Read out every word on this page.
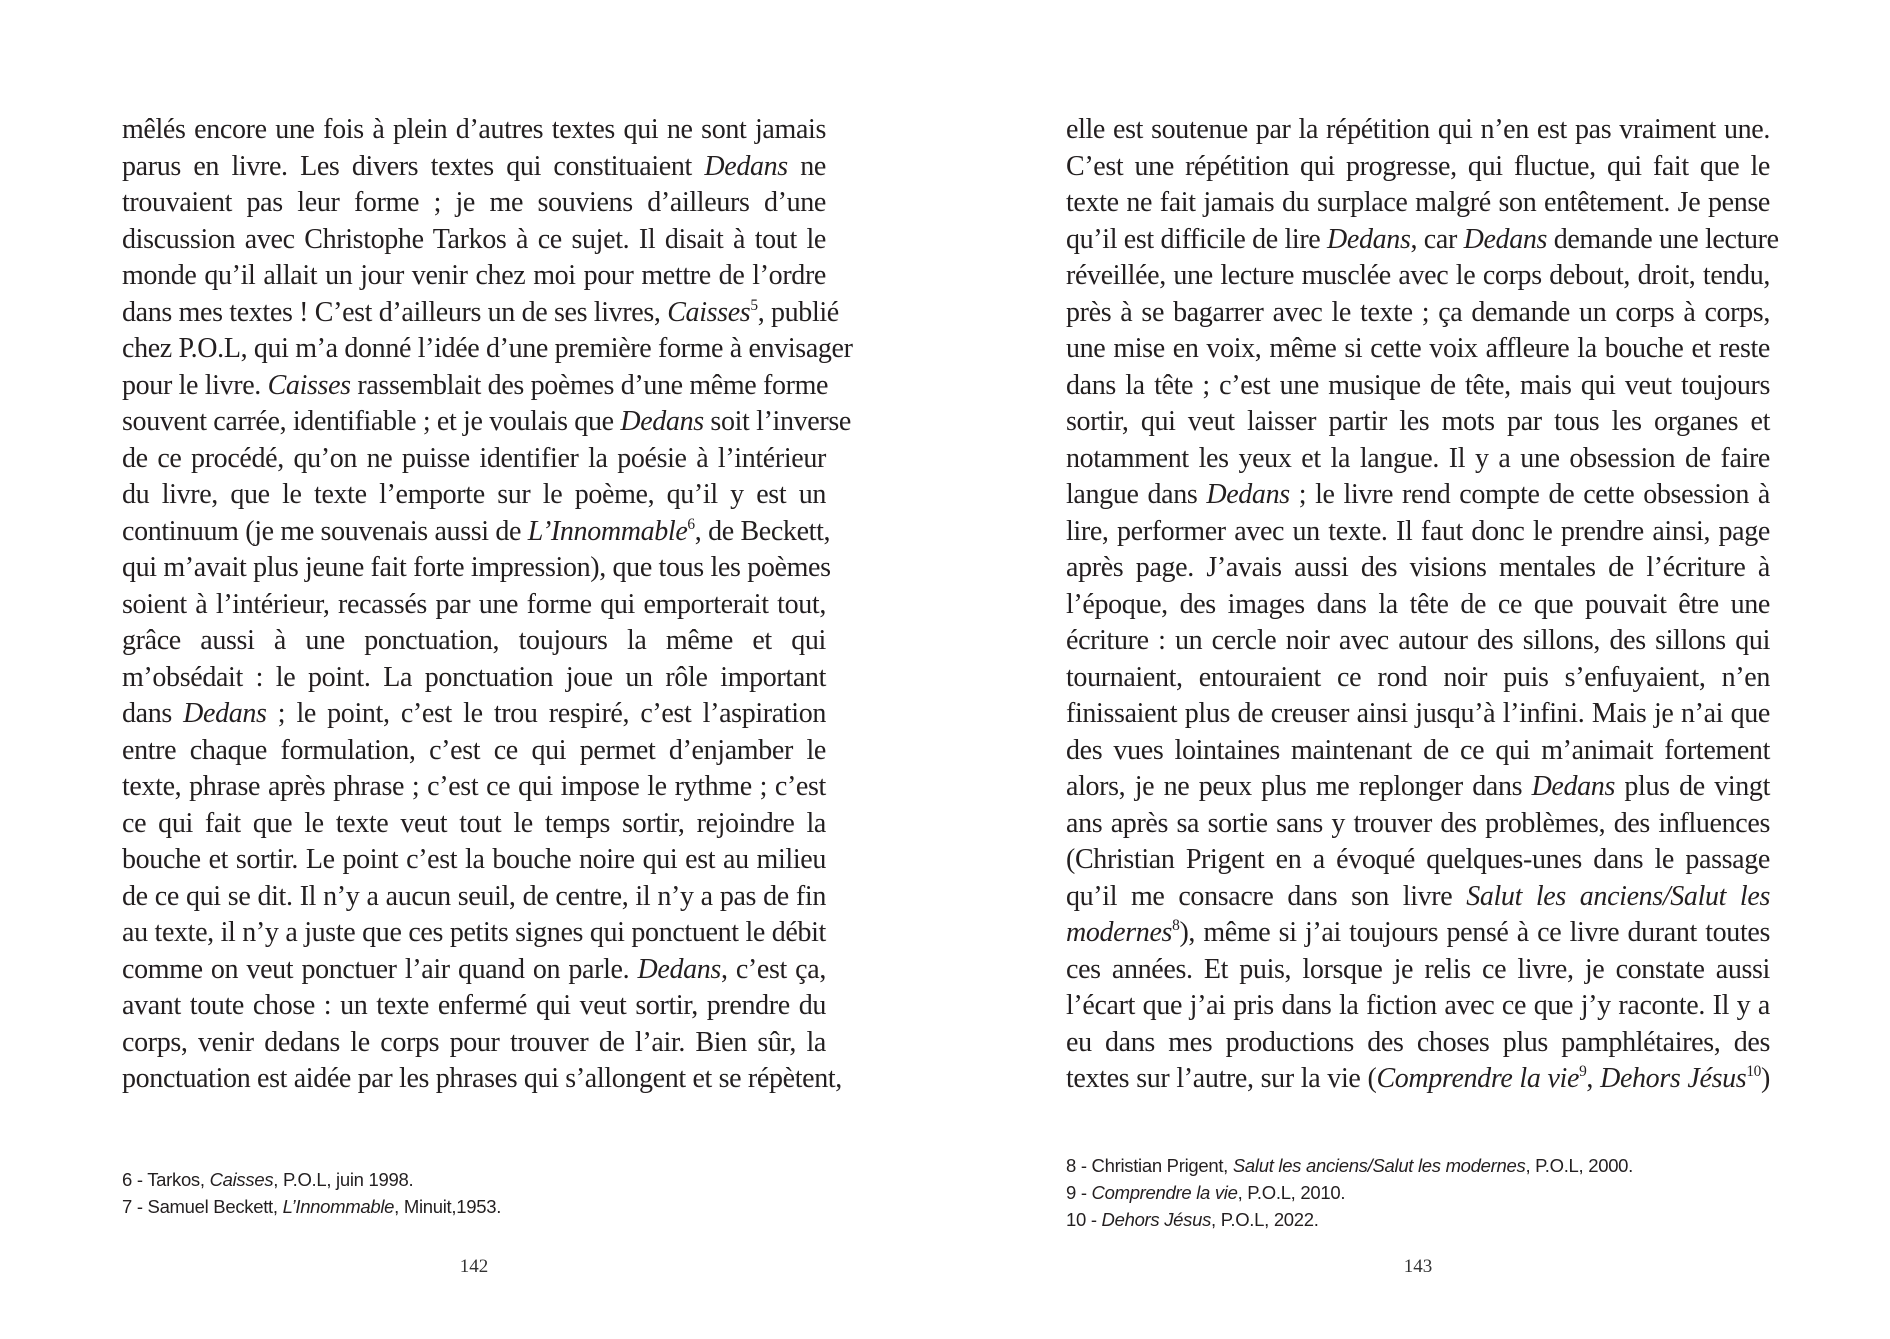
mêlés encore une fois à plein d’autres textes qui ne sont jamais
parus en livre. Les divers textes qui constituaient Dedans ne
trouvaient pas leur forme ; je me souviens d’ailleurs d’une
discussion avec Christophe Tarkos à ce sujet. Il disait à tout le
monde qu’il allait un jour venir chez moi pour mettre de l’ordre
dans mes textes ! C’est d’ailleurs un de ses livres, Caisses$^5$, publié
chez P.O.L, qui m’a donné l’idée d’une première forme à envisager
pour le livre. Caisses rassemblait des poèmes d’une même forme
souvent carrée, identifiable ; et je voulais que Dedans soit l’inverse
de ce procédé, qu’on ne puisse identifier la poésie à l’intérieur
du livre, que le texte l’emporte sur le poème, qu’il y est un
continuum (je me souvenais aussi de L’Innommable$^6$, de Beckett,
qui m’avait plus jeune fait forte impression), que tous les poèmes
soient à l’intérieur, recassés par une forme qui emporterait tout,
grâce aussi à une ponctuation, toujours la même et qui
m’obsédait : le point. La ponctuation joue un rôle important
dans Dedans ; le point, c’est le trou respiré, c’est l’aspiration
entre chaque formulation, c’est ce qui permet d’enjamber le
texte, phrase après phrase ; c’est ce qui impose le rythme ; c’est
ce qui fait que le texte veut tout le temps sortir, rejoindre la
bouche et sortir. Le point c’est la bouche noire qui est au milieu
de ce qui se dit. Il n’y a aucun seuil, de centre, il n’y a pas de fin
au texte, il n’y a juste que ces petits signes qui ponctuent le débit
comme on veut ponctuer l’air quand on parle. Dedans, c’est ça,
avant toute chose : un texte enfermé qui veut sortir, prendre du
corps, venir dedans le corps pour trouver de l’air. Bien sûr, la
ponctuation est aidée par les phrases qui s’allongent et se répètent,
6 - Tarkos, Caisses, P.O.L, juin 1998.
7 - Samuel Beckett, L’Innommable, Minuit,1953.
142
elle est soutenue par la répétition qui n’en est pas vraiment une.
C’est une répétition qui progresse, qui fluctue, qui fait que le
texte ne fait jamais du surplace malgré son entêtement. Je pense
qu’il est difficile de lire Dedans, car Dedans demande une lecture
réveillée, une lecture musclée avec le corps debout, droit, tendu,
près à se bagarrer avec le texte ; ça demande un corps à corps,
une mise en voix, même si cette voix affleure la bouche et reste
dans la tête ; c’est une musique de tête, mais qui veut toujours
sortir, qui veut laisser partir les mots par tous les organes et
notamment les yeux et la langue. Il y a une obsession de faire
langue dans Dedans ; le livre rend compte de cette obsession à
lire, performer avec un texte. Il faut donc le prendre ainsi, page
après page. J’avais aussi des visions mentales de l’écriture à
l’époque, des images dans la tête de ce que pouvait être une
écriture : un cercle noir avec autour des sillons, des sillons qui
tournaient, entouraient ce rond noir puis s’enfuyaient, n’en
finissaient plus de creuser ainsi jusqu’à l’infini. Mais je n’ai que
des vues lointaines maintenant de ce qui m’animait fortement
alors, je ne peux plus me replonger dans Dedans plus de vingt
ans après sa sortie sans y trouver des problèmes, des influences
(Christian Prigent en a évoqué quelques-unes dans le passage
qu’il me consacre dans son livre Salut les anciens/Salut les
modernes$^8$), même si j’ai toujours pensé à ce livre durant toutes
ces années. Et puis, lorsque je relis ce livre, je constate aussi
l’écart que j’ai pris dans la fiction avec ce que j’y raconte. Il y a
eu dans mes productions des choses plus pamphlétaires, des
textes sur l’autre, sur la vie (Comprendre la vie$^9$, Dehors Jésus$^{10}$)
8 - Christian Prigent, Salut les anciens/Salut les modernes, P.O.L, 2000.
9 - Comprendre la vie, P.O.L, 2010.
10 - Dehors Jésus, P.O.L, 2022.
143
